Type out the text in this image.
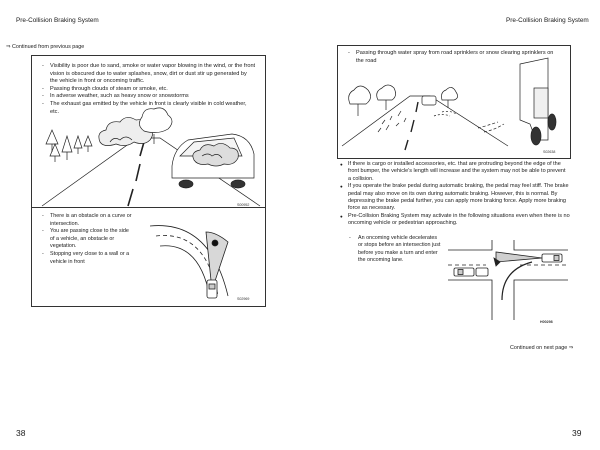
Pre-Collision Braking System
⇒ Continued from previous page
- Visibility is poor due to sand, smoke or water vapor blowing in the wind, or the front vision is obscured due to water splashes, snow, dirt or dust stir up generated by the vehicle in front or oncoming traffic.
- Passing through clouds of steam or smoke, etc.
- In adverse weather, such as heavy snow or snowstorms
- The exhaust gas emitted by the vehicle in front is clearly visible in cold weather, etc.
S00952
- There is an obstacle on a curve or intersection.
- You are passing close to the side of a vehicle, an obstacle or vegetation.
- Stopping very close to a wall or a vehicle in front
S02969
38
Pre-Collision Braking System
- Passing through water spray from road sprinklers or snow clearing sprinklers on the road
S02638
● If there is cargo or installed accessories, etc. that are protruding beyond the edge of the front bumper, the vehicle's length will increase and the system may not be able to prevent a collision.
● If you operate the brake pedal during automatic braking, the pedal may feel stiff. The brake pedal may also move on its own during automatic braking. However, this is normal. By depressing the brake pedal further, you can apply more braking force. Apply more braking force as necessary.
● Pre-Collision Braking System may activate in the following situations even when there is no oncoming vehicle or pedestrian approaching.
-	An oncoming vehicle decelerates or stops before an intersection just before you make a turn and enter the oncoming lane.
H00298
Continued on next page ⇒
39
